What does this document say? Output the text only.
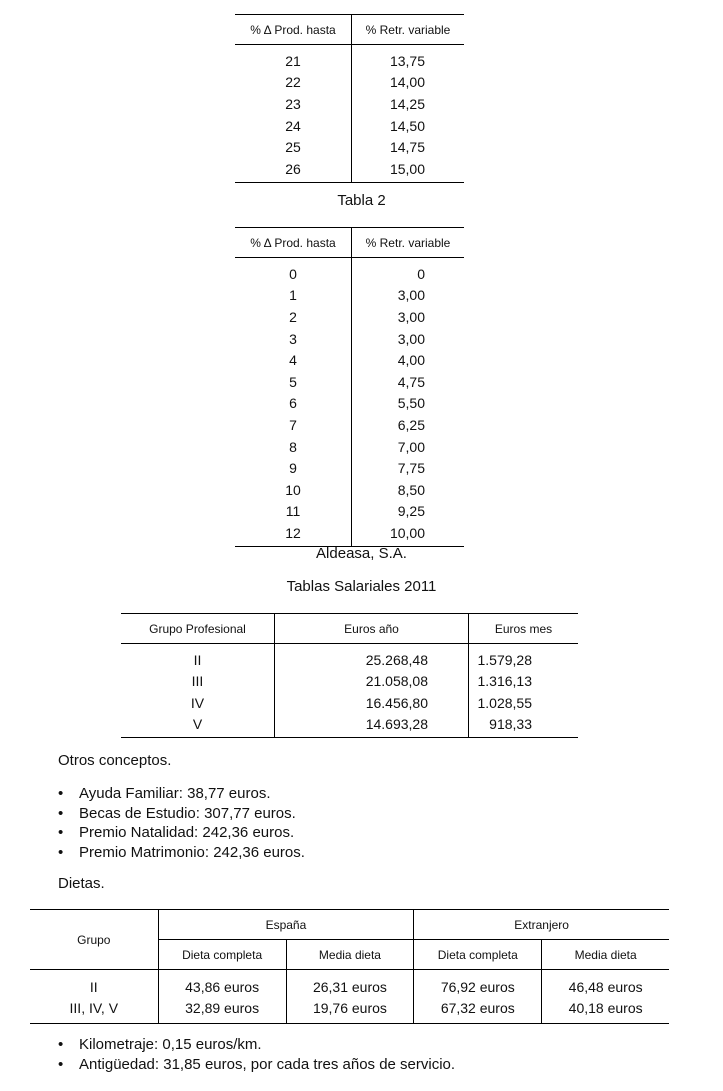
% Δ Prod. hasta	% Retr. variable
21	13,75
22	14,00
23	14,25
24	14,50
25	14,75
26	15,00
Tabla 2
% Δ Prod. hasta	% Retr. variable
0	0
1	3,00
2	3,00
3	3,00
4	4,00
5	4,75
6	5,50
7	6,25
8	7,00
9	7,75
10	8,50
11	9,25
12	10,00
Aldeasa, S.A.
Tablas Salariales 2011
Grupo Profesional	Euros año	Euros mes
II	25.268,48	1.579,28
III	21.058,08	1.316,13
IV	16.456,80	1.028,55
V	14.693,28	918,33
Otros conceptos.
• Ayuda Familiar: 38,77 euros.
• Becas de Estudio: 307,77 euros.
• Premio Natalidad: 242,36 euros.
• Premio Matrimonio: 242,36 euros.
Dietas.
Grupo	España		Extranjero	
	Dieta completa	Media dieta	Dieta completa	Media dieta
II	43,86 euros	26,31 euros	76,92 euros	46,48 euros
III, IV, V	32,89 euros	19,76 euros	67,32 euros	40,18 euros
• Kilometraje: 0,15 euros/km.
• Antigüedad: 31,85 euros, por cada tres años de servicio.
